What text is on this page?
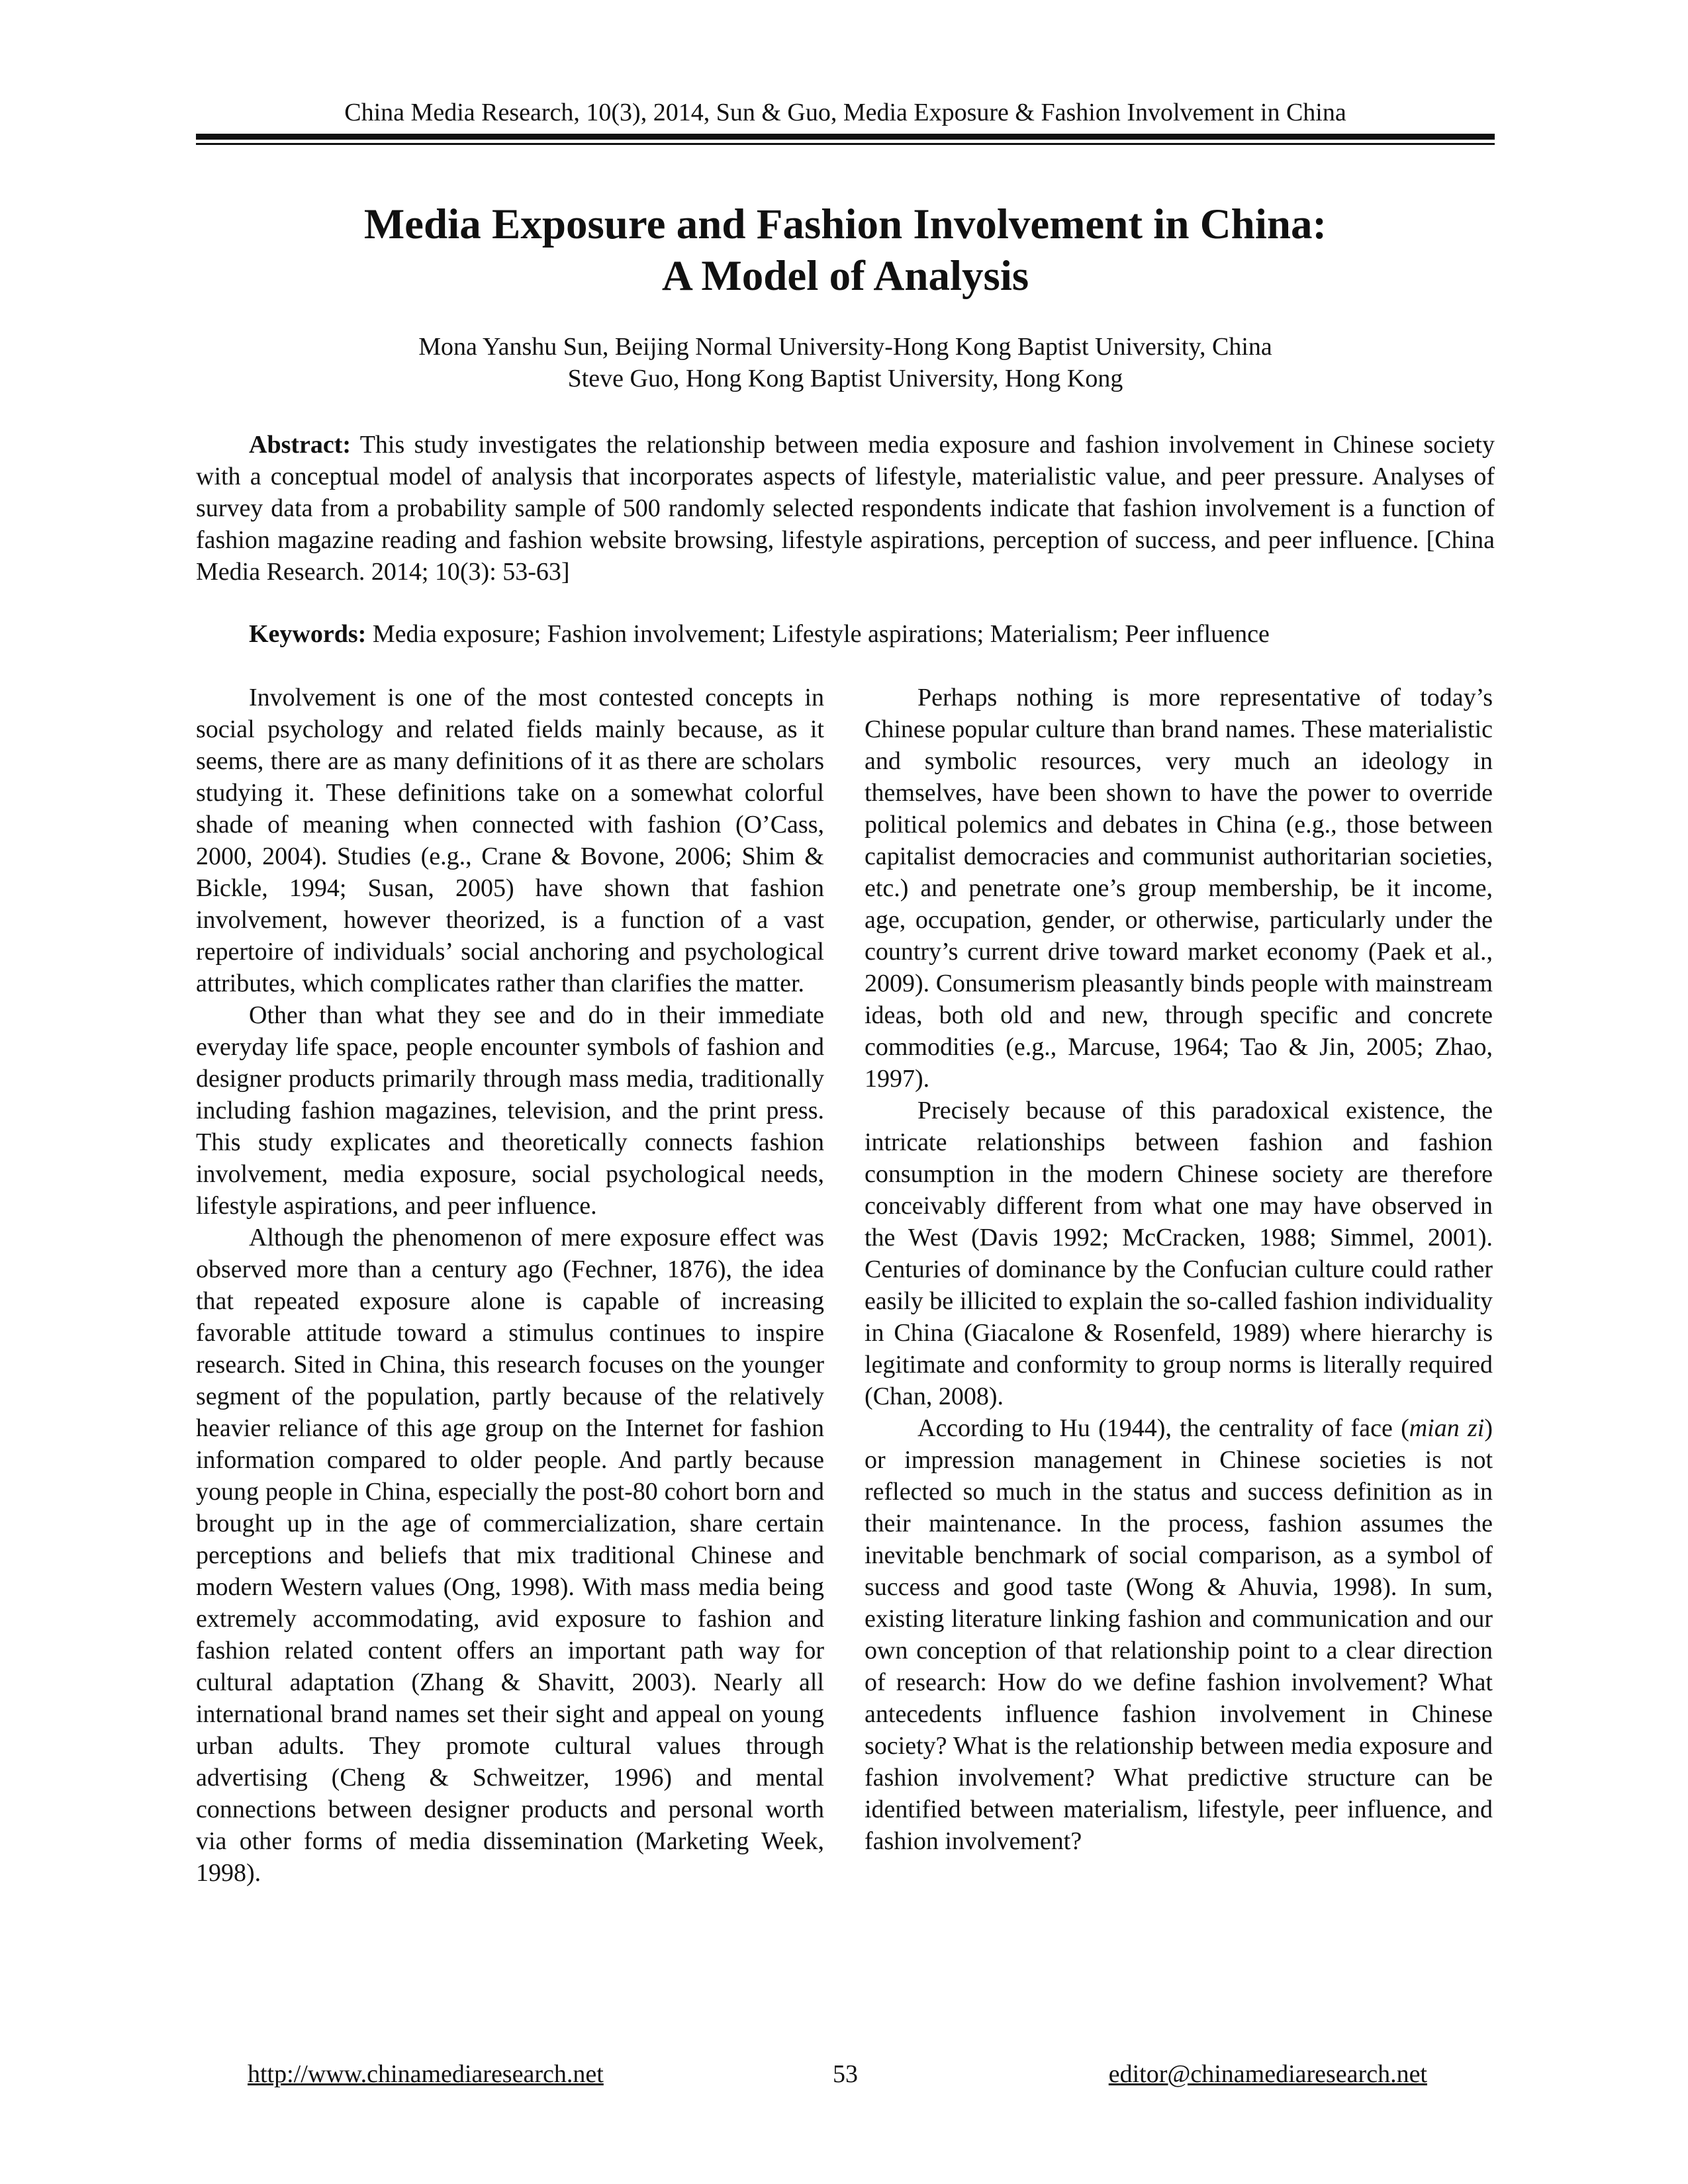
China Media Research, 10(3), 2014, Sun & Guo, Media Exposure & Fashion Involvement in China
Media Exposure and Fashion Involvement in China:
A Model of Analysis
Mona Yanshu Sun, Beijing Normal University-Hong Kong Baptist University, China
Steve Guo, Hong Kong Baptist University, Hong Kong

Abstract: This study investigates the relationship between media exposure and fashion involvement in Chinese society with a conceptual model of analysis that incorporates aspects of lifestyle, materialistic value, and peer pressure. Analyses of survey data from a probability sample of 500 randomly selected respondents indicate that fashion involvement is a function of fashion magazine reading and fashion website browsing, lifestyle aspirations, perception of success, and peer influence. [China Media Research. 2014; 10(3): 53-63]

Keywords: Media exposure; Fashion involvement; Lifestyle aspirations; Materialism; Peer influence

Involvement is one of the most contested concepts in social psychology and related fields mainly because, as it seems, there are as many definitions of it as there are scholars studying it. These definitions take on a somewhat colorful shade of meaning when connected with fashion (O’Cass, 2000, 2004). Studies (e.g., Crane & Bovone, 2006; Shim & Bickle, 1994; Susan, 2005) have shown that fashion involvement, however theorized, is a function of a vast repertoire of individuals’ social anchoring and psychological attributes, which complicates rather than clarifies the matter.

Other than what they see and do in their immediate everyday life space, people encounter symbols of fashion and designer products primarily through mass media, traditionally including fashion magazines, television, and the print press. This study explicates and theoretically connects fashion involvement, media exposure, social psychological needs, lifestyle aspirations, and peer influence.

Although the phenomenon of mere exposure effect was observed more than a century ago (Fechner, 1876), the idea that repeated exposure alone is capable of increasing favorable attitude toward a stimulus continues to inspire research. Sited in China, this research focuses on the younger segment of the population, partly because of the relatively heavier reliance of this age group on the Internet for fashion information compared to older people. And partly because young people in China, especially the post-80 cohort born and brought up in the age of commercialization, share certain perceptions and beliefs that mix traditional Chinese and modern Western values (Ong, 1998). With mass media being extremely accommodating, avid exposure to fashion and fashion related content offers an important path way for cultural adaptation (Zhang & Shavitt, 2003). Nearly all international brand names set their sight and appeal on young urban adults. They promote cultural values through advertising (Cheng & Schweitzer, 1996) and mental connections between designer products and personal worth via other forms of media dissemination (Marketing Week, 1998).

Perhaps nothing is more representative of today’s Chinese popular culture than brand names. These materialistic and symbolic resources, very much an ideology in themselves, have been shown to have the power to override political polemics and debates in China (e.g., those between capitalist democracies and communist authoritarian societies, etc.) and penetrate one’s group membership, be it income, age, occupation, gender, or otherwise, particularly under the country’s current drive toward market economy (Paek et al., 2009). Consumerism pleasantly binds people with mainstream ideas, both old and new, through specific and concrete commodities (e.g., Marcuse, 1964; Tao & Jin, 2005; Zhao, 1997).

Precisely because of this paradoxical existence, the intricate relationships between fashion and fashion consumption in the modern Chinese society are therefore conceivably different from what one may have observed in the West (Davis 1992; McCracken, 1988; Simmel, 2001). Centuries of dominance by the Confucian culture could rather easily be illicited to explain the so-called fashion individuality in China (Giacalone & Rosenfeld, 1989) where hierarchy is legitimate and conformity to group norms is literally required (Chan, 2008).

According to Hu (1944), the centrality of face (mian zi) or impression management in Chinese societies is not reflected so much in the status and success definition as in their maintenance. In the process, fashion assumes the inevitable benchmark of social comparison, as a symbol of success and good taste (Wong & Ahuvia, 1998). In sum, existing literature linking fashion and communication and our own conception of that relationship point to a clear direction of research: How do we define fashion involvement? What antecedents influence fashion involvement in Chinese society? What is the relationship between media exposure and fashion involvement? What predictive structure can be identified between materialism, lifestyle, peer influence, and fashion involvement?

http://www.chinamediaresearch.net	53	editor@chinamediaresearch.net
